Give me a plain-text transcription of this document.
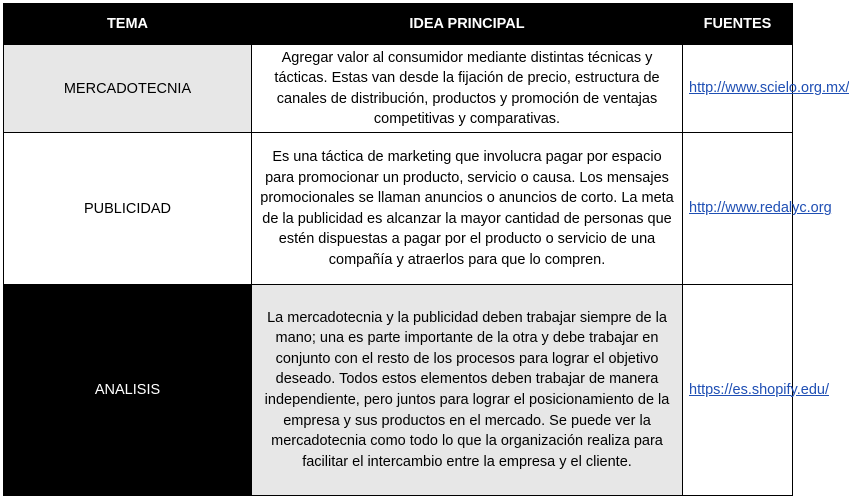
TEMA	IDEA PRINCIPAL	FUENTES
MERCADOTECNIA	Agregar valor al consumidor mediante distintas técnicas y tácticas. Estas van desde la fijación de precio, estructura de canales de distribución, productos y promoción de ventajas competitivas y comparativas.	http://www.scielo.org.mx/
PUBLICIDAD	Es una táctica de marketing que involucra pagar por espacio para promocionar un producto, servicio o causa. Los mensajes promocionales se llaman anuncios o anuncios de corto. La meta de la publicidad es alcanzar la mayor cantidad de personas que estén dispuestas a pagar por el producto o servicio de una compañía y atraerlos para que lo compren.	http://www.redalyc.org
ANALISIS	La mercadotecnia y la publicidad deben trabajar siempre de la mano; una es parte importante de la otra y debe trabajar en conjunto con el resto de los procesos para lograr el objetivo deseado. Todos estos elementos deben trabajar de manera independiente, pero juntos para lograr el posicionamiento de la empresa y sus productos en el mercado. Se puede ver la mercadotecnia como todo lo que la organización realiza para facilitar el intercambio entre la empresa y el cliente.	https://es.shopify.edu/
